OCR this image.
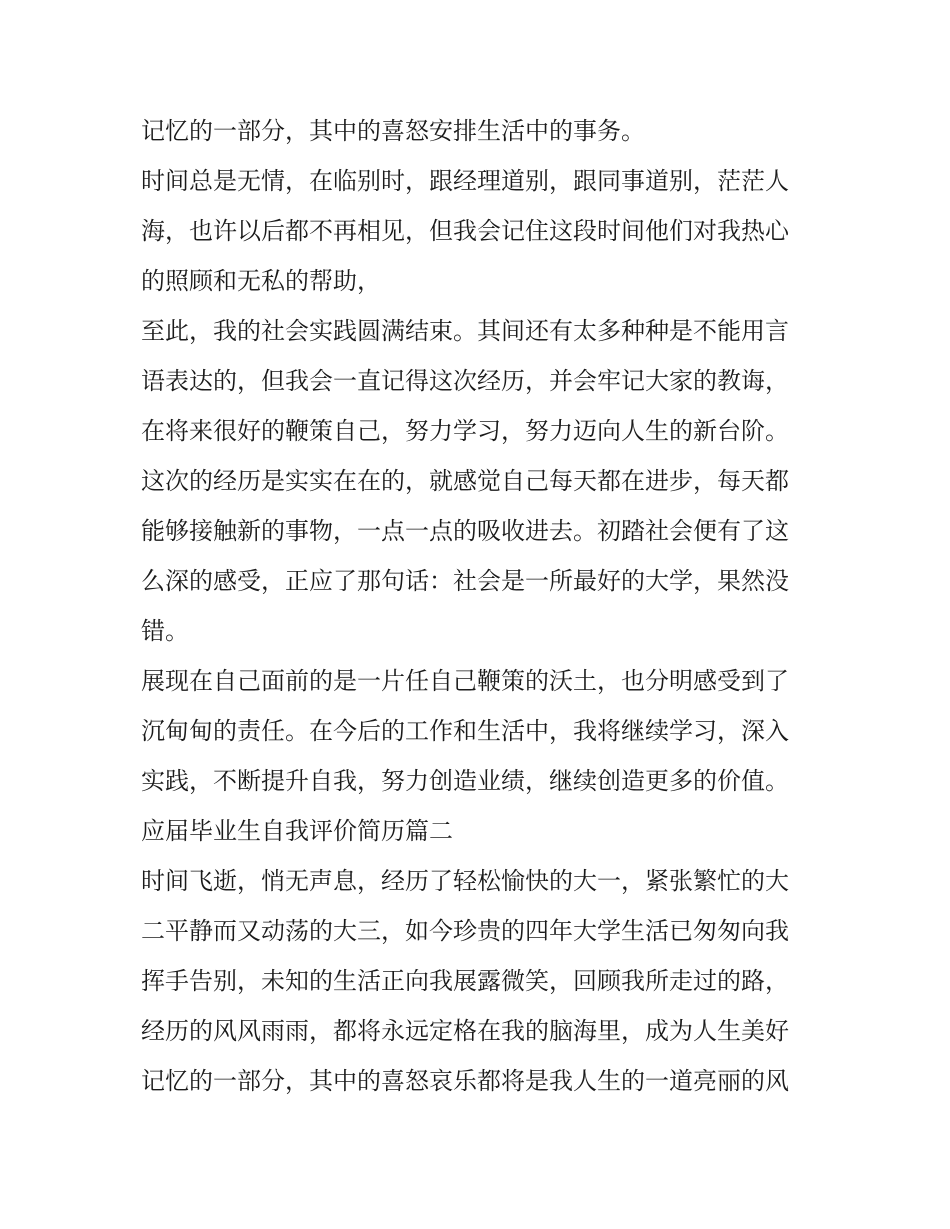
记忆的一部分，其中的喜怒安排生活中的事务。
时间总是无情，在临别时，跟经理道别，跟同事道别，茫茫人
海，也许以后都不再相见，但我会记住这段时间他们对我热心
的照顾和无私的帮助，
至此，我的社会实践圆满结束。其间还有太多种种是不能用言
语表达的，但我会一直记得这次经历，并会牢记大家的教诲，
在将来很好的鞭策自己，努力学习，努力迈向人生的新台阶。
这次的经历是实实在在的，就感觉自己每天都在进步，每天都
能够接触新的事物，一点一点的吸收进去。初踏社会便有了这
么深的感受，正应了那句话：社会是一所最好的大学，果然没
错。
展现在自己面前的是一片任自己鞭策的沃土，也分明感受到了
沉甸甸的责任。在今后的工作和生活中，我将继续学习，深入
实践，不断提升自我，努力创造业绩，继续创造更多的价值。
应届毕业生自我评价简历篇二
时间飞逝，悄无声息，经历了轻松愉快的大一，紧张繁忙的大
二平静而又动荡的大三，如今珍贵的四年大学生活已匆匆向我
挥手告别，未知的生活正向我展露微笑，回顾我所走过的路，
经历的风风雨雨，都将永远定格在我的脑海里，成为人生美好
记忆的一部分，其中的喜怒哀乐都将是我人生的一道亮丽的风
